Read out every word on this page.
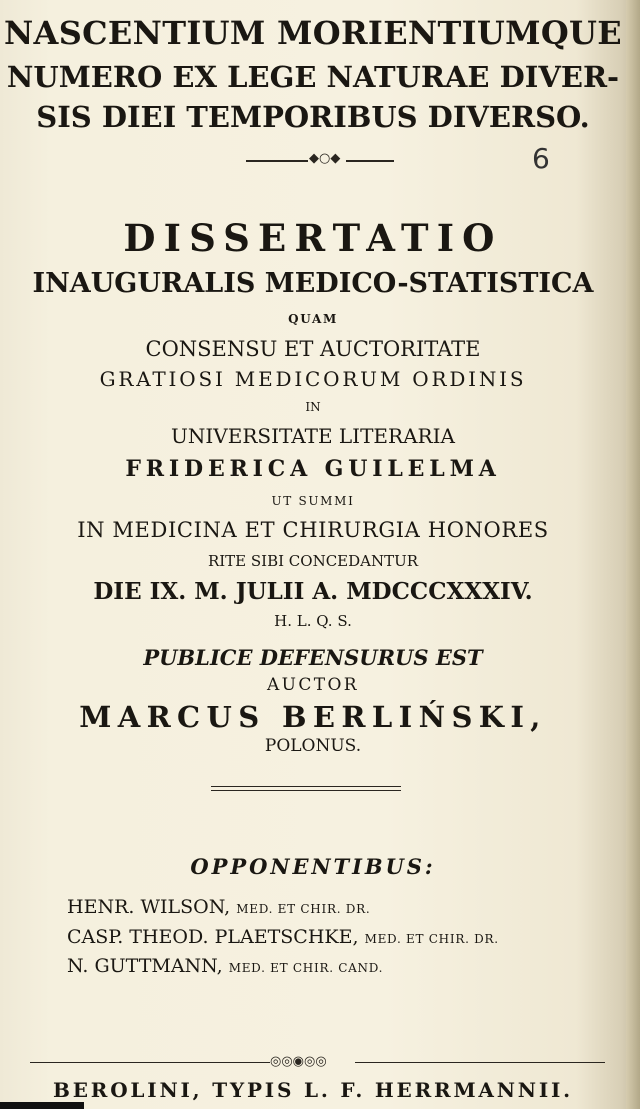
NASCENTIUM MORIENTIUMQUE
NUMERO EX LEGE NATURAE DIVER-
SIS DIEI TEMPORIBUS DIVERSO.
◆○◆	6
DISSERTATIO
INAUGURALIS MEDICO-STATISTICA
QUAM
CONSENSU ET AUCTORITATE
GRATIOSI MEDICORUM ORDINIS
IN
UNIVERSITATE LITERARIA
FRIDERICA GUILELMA
UT SUMMI
IN MEDICINA ET CHIRURGIA HONORES
RITE SIBI CONCEDANTUR
DIE IX. M. JULII A. MDCCCXXXIV.
H. L. Q. S.
PUBLICE DEFENSURUS EST
AUCTOR
MARCUS BERLIŃSKI,
POLONUS.
OPPONENTIBUS:
HENR. WILSON, MED. ET CHIR. DR.
CASP. THEOD. PLAETSCHKE, MED. ET CHIR. DR.
N. GUTTMANN, MED. ET CHIR. CAND.
◎◎◉◎◎
BEROLINI, TYPIS L. F. HERRMANNII.
